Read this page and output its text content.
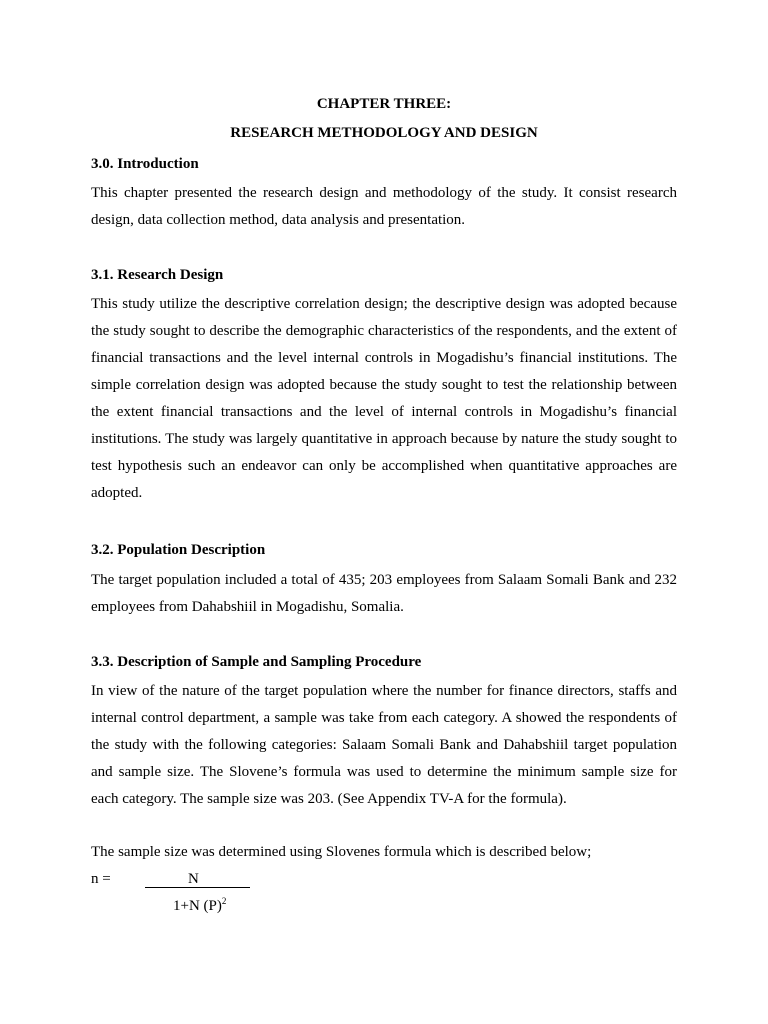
CHAPTER THREE:
RESEARCH METHODOLOGY AND DESIGN
3.0. Introduction
This chapter presented the research design and methodology of the study. It consist research design, data collection method, data analysis and presentation.
3.1. Research Design
This study utilize the descriptive correlation design; the descriptive design was adopted because the study sought to describe the demographic characteristics of the respondents, and the extent of financial transactions and the level internal controls in Mogadishu’s financial institutions. The simple correlation design was adopted because the study sought to test the relationship between the extent financial transactions and the level of internal controls in Mogadishu’s financial institutions. The study was largely quantitative in approach because by nature the study sought to test hypothesis such an endeavor can only be accomplished when quantitative approaches are adopted.
3.2. Population Description
The target population included a total of 435; 203 employees from Salaam Somali Bank and 232 employees from Dahabshiil in Mogadishu, Somalia.
3.3. Description of Sample and Sampling Procedure
In view of the nature of the target population where the number for finance directors, staffs and internal control department, a sample was take from each category. A showed the respondents of the study with the following categories: Salaam Somali Bank and Dahabshiil target population and sample size. The Slovene’s formula was used to determine the minimum sample size for each category. The sample size was 203. (See Appendix TV-A for the formula).
The sample size was determined using Slovenes formula which is described below;
n =	N
1+N $(P)^2$
